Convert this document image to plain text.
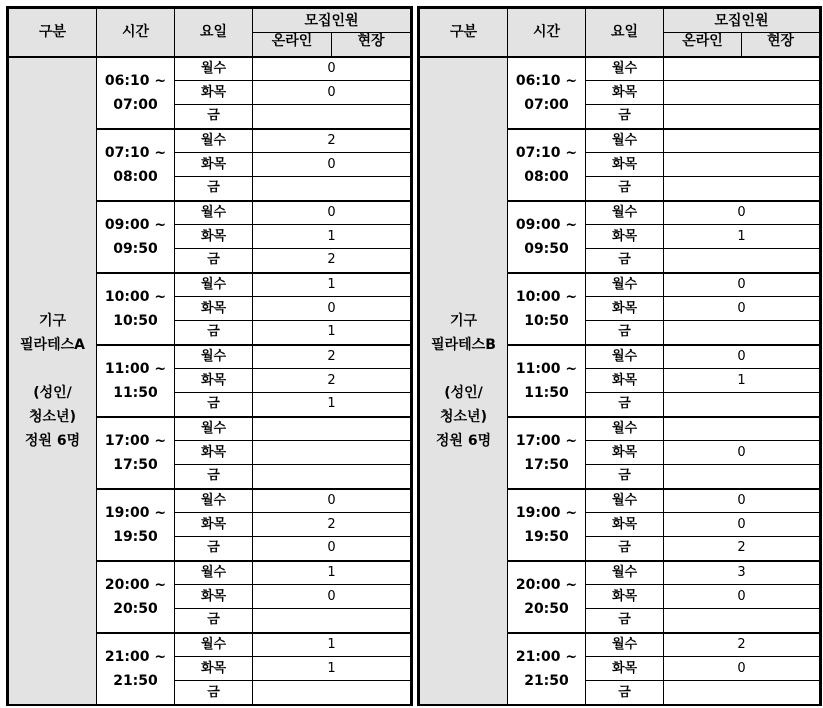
구분	시간	요일	모집인원

			온라인 현장

기구
필라테스A
(성인/
청소년)
정원 6명	06:10 ~
07:00	월수	0
		화목	0
		금	

	07:10 ~
08:00	월수	2
		화목	0
		금	

	09:00 ~
09:50	월수	0
		화목	1
		금	2

	10:00 ~
10:50	월수	1
		화목	0
		금	1

	11:00 ~
11:50	월수	2
		화목	2
		금	1

	17:00 ~
17:50	월수	
		화목	
		금	

	19:00 ~
19:50	월수	0
		화목	2
		금	0

	20:00 ~
20:50	월수	1
		화목	0
		금	

	21:00 ~
21:50	월수	1
		화목	1
		금	
구분	시간	요일	모집인원

			온라인 현장

기구
필라테스B
(성인/
청소년)
정원 6명	06:10 ~
07:00	월수	
		화목	
		금	

	07:10 ~
08:00	월수	
		화목	
		금	

	09:00 ~
09:50	월수	0
		화목	1
		금	

	10:00 ~
10:50	월수	0
		화목	0
		금	

	11:00 ~
11:50	월수	0
		화목	1
		금	

	17:00 ~
17:50	월수	
		화목	0
		금	

	19:00 ~
19:50	월수	0
		화목	0
		금	2

	20:00 ~
20:50	월수	3
		화목	0
		금	

	21:00 ~
21:50	월수	2
		화목	0
		금	
